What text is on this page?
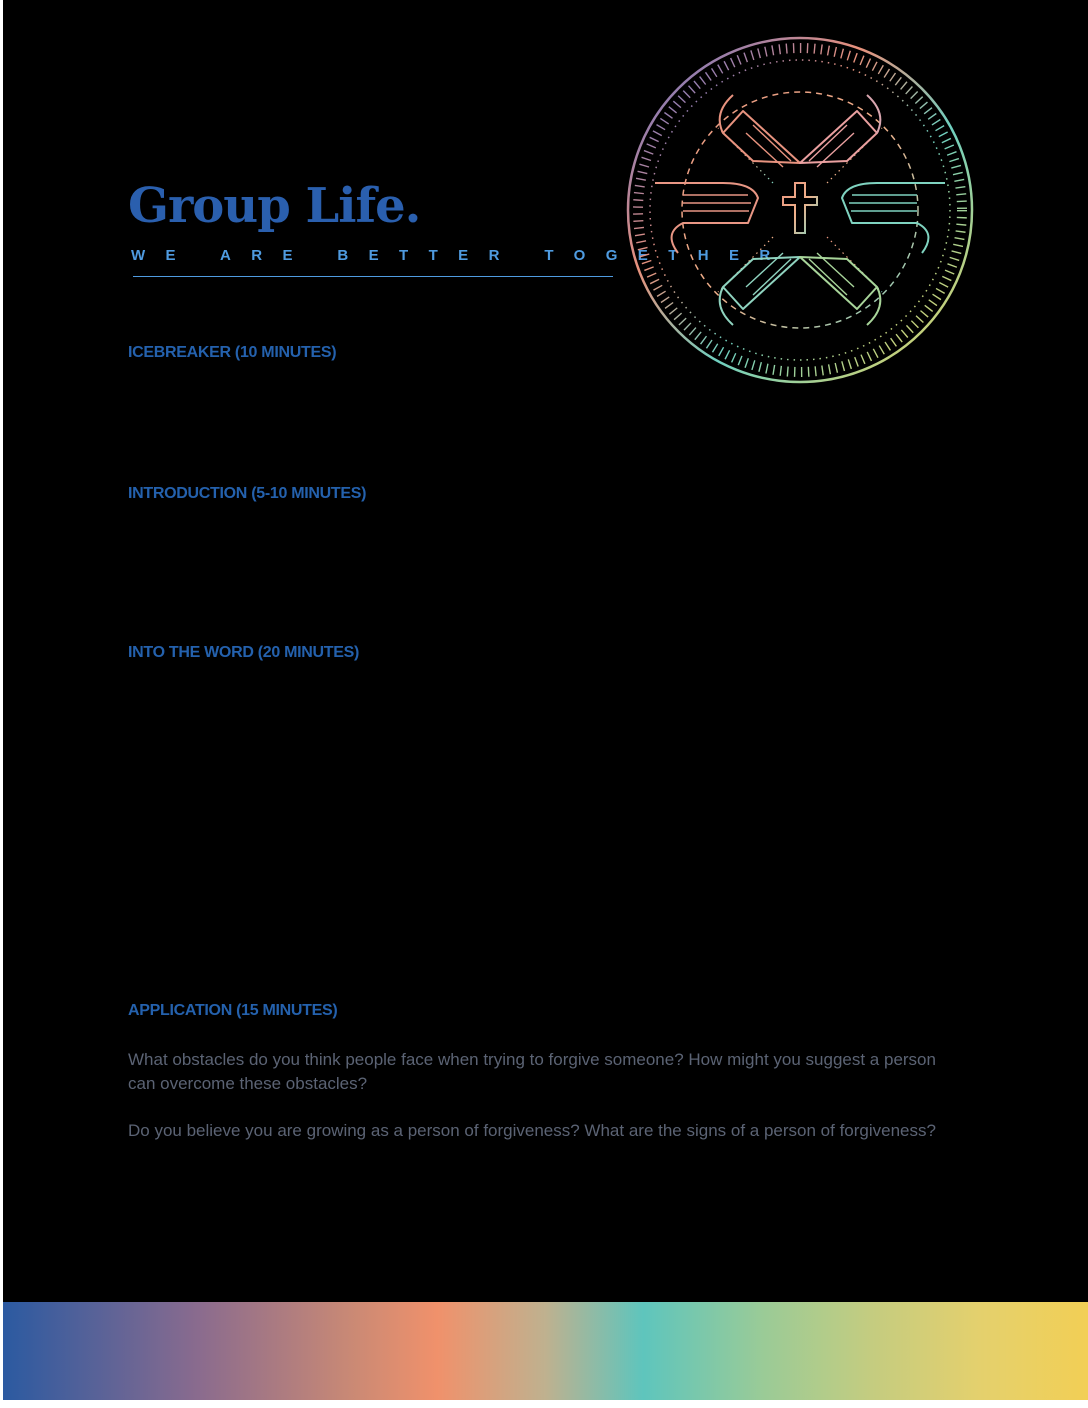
Group Life.

WE ARE BETTER TOGETHER

ICEBREAKER (10 MINUTES)
INTRODUCTION (5-10 MINUTES)
INTO THE WORD (20 MINUTES)
APPLICATION (15 MINUTES)

What obstacles do you think people face when trying to forgive someone? How might you suggest a person can overcome these obstacles?

Do you believe you are growing as a person of forgiveness? What are the signs of a person of forgiveness?
